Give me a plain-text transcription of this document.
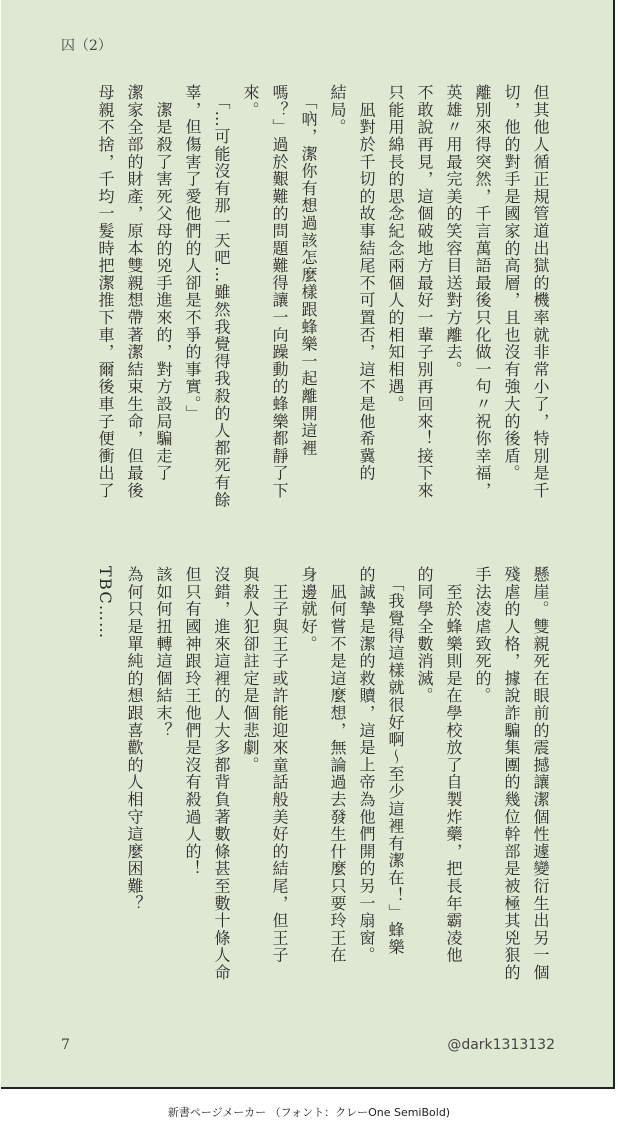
囚（2）
但其他人循正規管道出獄的機率就非常小了，特別是千
切，他的對手是國家的高層，且也沒有強大的後盾。
離別來得突然，千言萬語最後只化做一句〃祝你幸福，
英雄〃用最完美的笑容目送對方離去。
不敢說再見，這個破地方最好一輩子別再回來！接下來
只能用綿長的思念紀念兩個人的相知相遇。
　凪對於千切的故事結尾不可置否，這不是他希冀的
結局。
　「吶，潔你有想過該怎麼樣跟蜂樂一起離開這裡
嗎？」過於艱難的問題難得讓一向躁動的蜂樂都靜了下
來。
　「…可能沒有那一天吧…雖然我覺得我殺的人都死有餘
辜，但傷害了愛他們的人卻是不爭的事實。」
　潔是殺了害死父母的兇手進來的，對方設局騙走了
潔家全部的財產，原本雙親想帶著潔結束生命，但最後
母親不捨，千均一髮時把潔推下車，爾後車子便衝出了
懸崖。雙親死在眼前的震撼讓潔個性遽變衍生出另一個
殘虐的人格，據說詐騙集團的幾位幹部是被極其兇狠的
手法凌虐致死的。
　至於蜂樂則是在學校放了自製炸藥，把長年霸凌他
的同學全數消滅。
　「我覺得這樣就很好啊～至少這裡有潔在！」蜂樂
的誠摯是潔的救贖，這是上帝為他們開的另一扇窗。
　凪何嘗不是這麼想，無論過去發生什麼只要玲王在
身邊就好。
　王子與王子或許能迎來童話般美好的結尾，但王子
與殺人犯卻註定是個悲劇。
沒錯，進來這裡的人大多都背負著數條甚至數十條人命
但只有國神跟玲王他們是沒有殺過人的！
該如何扭轉這個結末？
為何只是單純的想跟喜歡的人相守這麼困難？
TBC……
7	@dark1313132
新書ページメーカー （フォント：クレーOne SemiBold)
